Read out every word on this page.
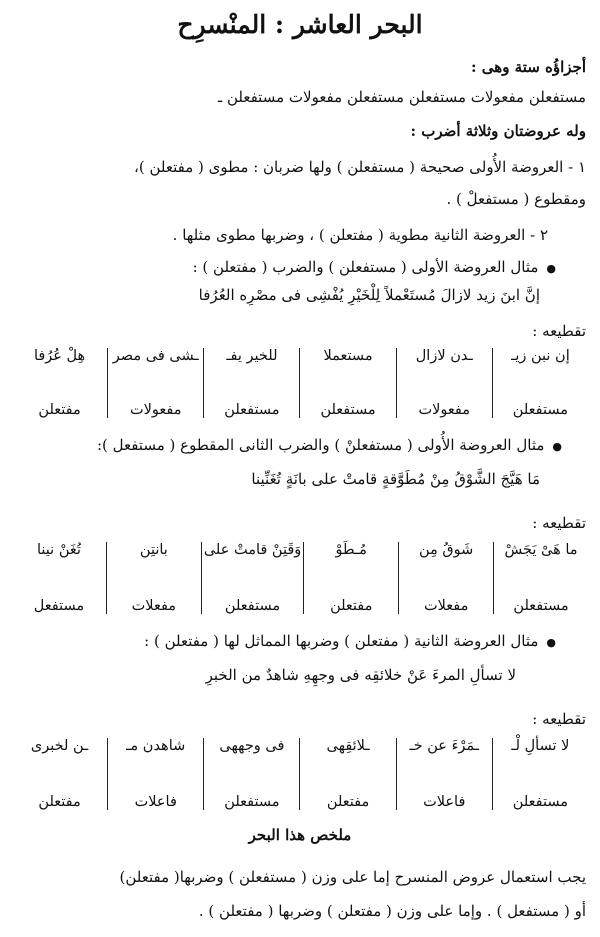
البحر العاشر : المنْسرِح
أجزاؤُه ستة وهى :
مستفعلن مفعولات مستفعلن مستفعلن مفعولات مستفعلن ـ
وله عروضتان وثلاثة أضرب :
١ - العروضة الأُولى صحيحة ( مستفعلن ) ولها ضربان : مطوى ( مفتعلن )،
ومقطوع ( مستفعلْ ) .
٢ - العروضة الثانية مطوية ( مفتعلن ) ، وضربها مطوى مثلها .
● مثال العروضة الأولى ( مستفعلن ) والضرب ( مفتعلن ) :
إنَّ ابنَ زيد لازالَ مُستَعْملاً لِلْخَيْرِ يُفْشِى فى مصْرِه العُرُفا
تقطيعه :
إن نبن زيـ
مستفعلن
ـدن لازال
مفعولات
مستعملا
مستفعلن
للخير يفـ
مستفعلن
ـشى فى مصر
مفعولات
هِلْ عُرُفا
مفتعلن
● مثال العروضة الأُولى ( مستفعلنْ ) والضرب الثانى المقطوع ( مستفعل ):
مَا هَيَّجَ الشَّوْقُ مِنْ مُطَوَّقةٍ قامتْ على بانَةٍ تُغَنِّينا
تقطيعه :
ما هَىْ يَجَشْ
مستفعلن
شَوقُ مِن
مفعلات
مُـطَوْ
مفتعلن
وَقَتِنْ قامتْ على
مستفعلن
بانتِن
مفعلات
تُغَنْ نينا
مستفعل
● مثال العروضة الثانية ( مفتعلن ) وضربها المماثل لها ( مفتعلن ) :
لا تسألِ المرءَ عَنْ خلائقِه فى وجهِهِ شاهدٌ من الخبرِ
تقطيعه :
لا تسألِ لْـ
مستفعلن
ـمَرْءَ عن خـ
فاعلات
ـلائقِهى
مفتعلن
فى وجههى
مستفعلن
شاهدن مـ
فاعلات
ـن لخبرى
مفتعلن
ملخص هذا البحر
يجب استعمال عروض المنسرح إما على وزن ( مستفعلن ) وضربها( مفتعلن)
أو ( مستفعل ) . وإما على وزن ( مفتعلن ) وضربها ( مفتعلن ) .
